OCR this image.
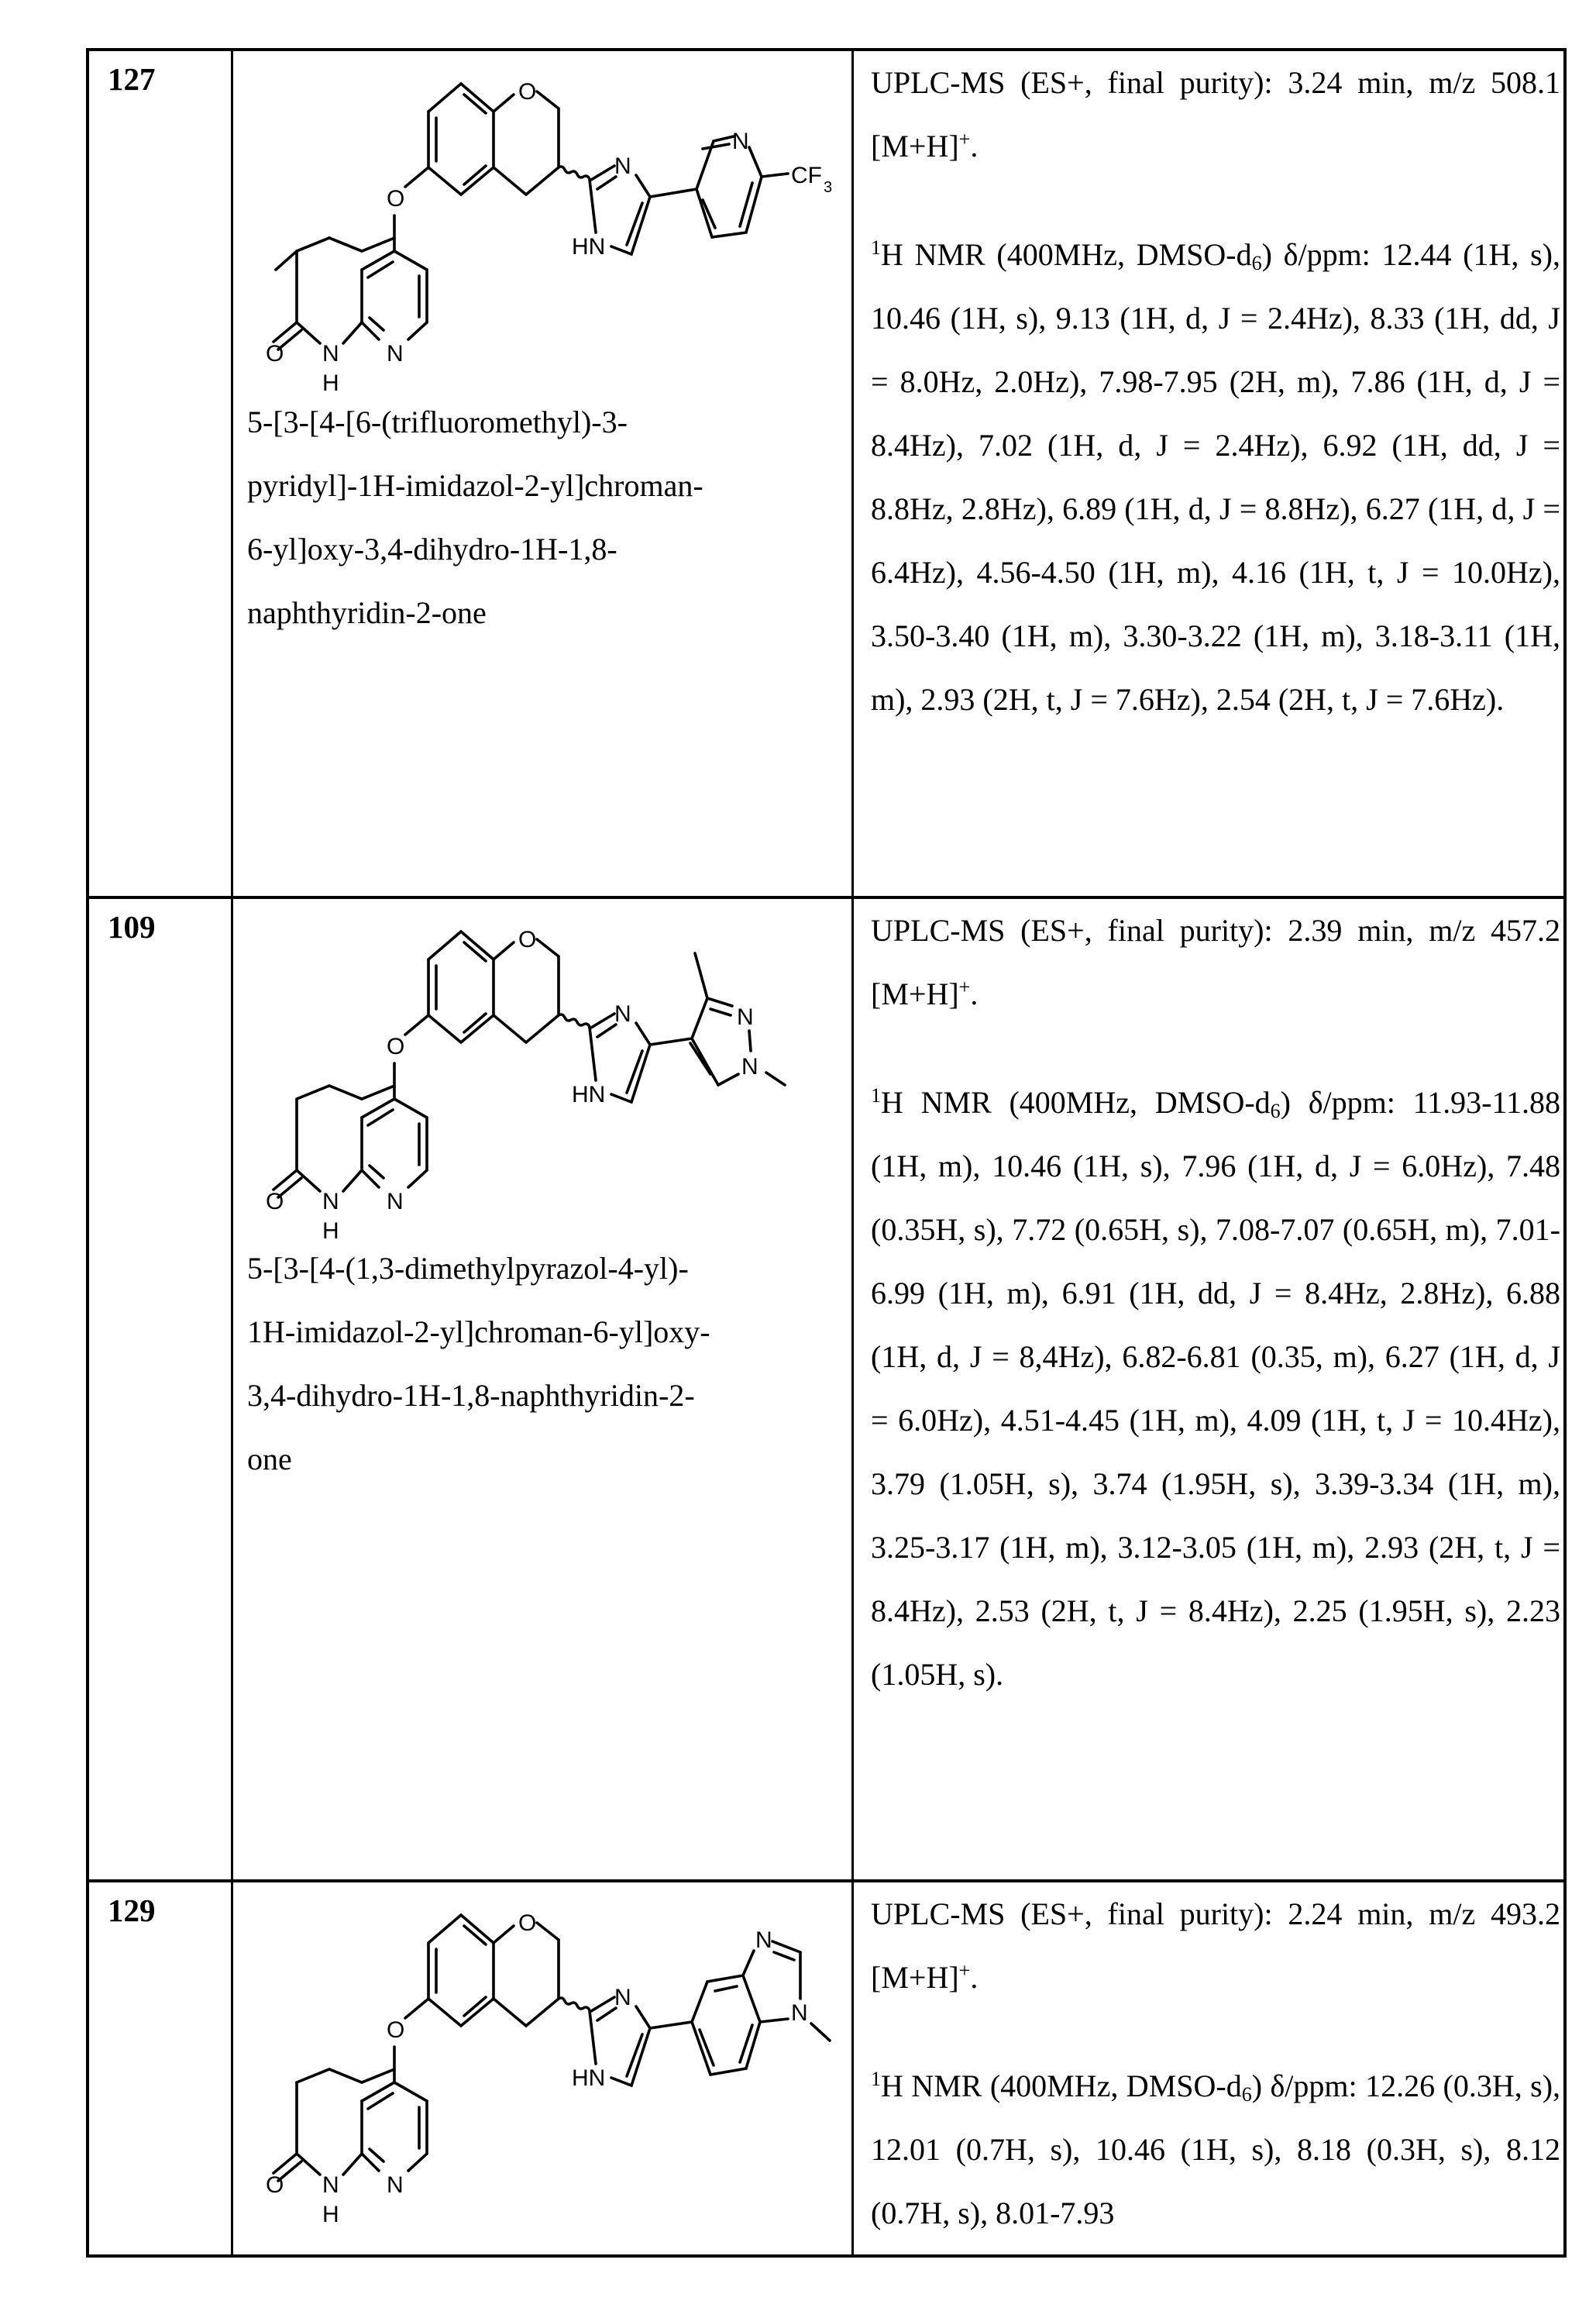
127
O N
H
N
O
O
N
HN
N
CF 3
5-[3-[4-[6-(trifluoromethyl)-3-
pyridyl]-1H-imidazol-2-yl]chroman-
6-yl]oxy-3,4-dihydro-1H-1,8-
naphthyridin-2-one

UPLC-MS (ES+, final purity): 3.24 min, m/z 508.1 [M+H]+.

$^1$H NMR (400MHz, DMSO-$d_6$) δ/ppm: 12.44 (1H, s), 10.46 (1H, s), 9.13 (1H, d, J = 2.4Hz), 8.33 (1H, dd, J = 8.0Hz, 2.0Hz), 7.98-7.95 (2H, m), 7.86 (1H, d, J = 8.4Hz), 7.02 (1H, d, J = 2.4Hz), 6.92 (1H, dd, J = 8.8Hz, 2.8Hz), 6.89 (1H, d, J = 8.8Hz), 6.27 (1H, d, J = 6.4Hz), 4.56-4.50 (1H, m), 4.16 (1H, t, J = 10.0Hz), 3.50-3.40 (1H, m), 3.30-3.22 (1H, m), 3.18-3.11 (1H, m), 2.93 (2H, t, J = 7.6Hz), 2.54 (2H, t, J = 7.6Hz).

109
O N
H
N
O
O
N
HN
N
N
5-[3-[4-(1,3-dimethylpyrazol-4-yl)-
1H-imidazol-2-yl]chroman-6-yl]oxy-
3,4-dihydro-1H-1,8-naphthyridin-2-
one

UPLC-MS (ES+, final purity): 2.39 min, m/z 457.2 [M+H]+.

$^1$H NMR (400MHz, DMSO-$d_6$) δ/ppm: 11.93-11.88 (1H, m), 10.46 (1H, s), 7.96 (1H, d, J = 6.0Hz), 7.48 (0.35H, s), 7.72 (0.65H, s), 7.08-7.07 (0.65H, m), 7.01-6.99 (1H, m), 6.91 (1H, dd, J = 8.4Hz, 2.8Hz), 6.88 (1H, d, J = 8,4Hz), 6.82-6.81 (0.35, m), 6.27 (1H, d, J = 6.0Hz), 4.51-4.45 (1H, m), 4.09 (1H, t, J = 10.4Hz), 3.79 (1.05H, s), 3.74 (1.95H, s), 3.39-3.34 (1H, m), 3.25-3.17 (1H, m), 3.12-3.05 (1H, m), 2.93 (2H, t, J = 8.4Hz), 2.53 (2H, t, J = 8.4Hz), 2.25 (1.95H, s), 2.23 (1.05H, s).

129
O N
H
N
O
O
N
HN
N
N

UPLC-MS (ES+, final purity): 2.24 min, m/z 493.2 [M+H]+.

$^1$H NMR (400MHz, DMSO-$d_6$) δ/ppm: 12.26 (0.3H, s), 12.01 (0.7H, s), 10.46 (1H, s), 8.18 (0.3H, s), 8.12 (0.7H, s), 8.01-7.93
